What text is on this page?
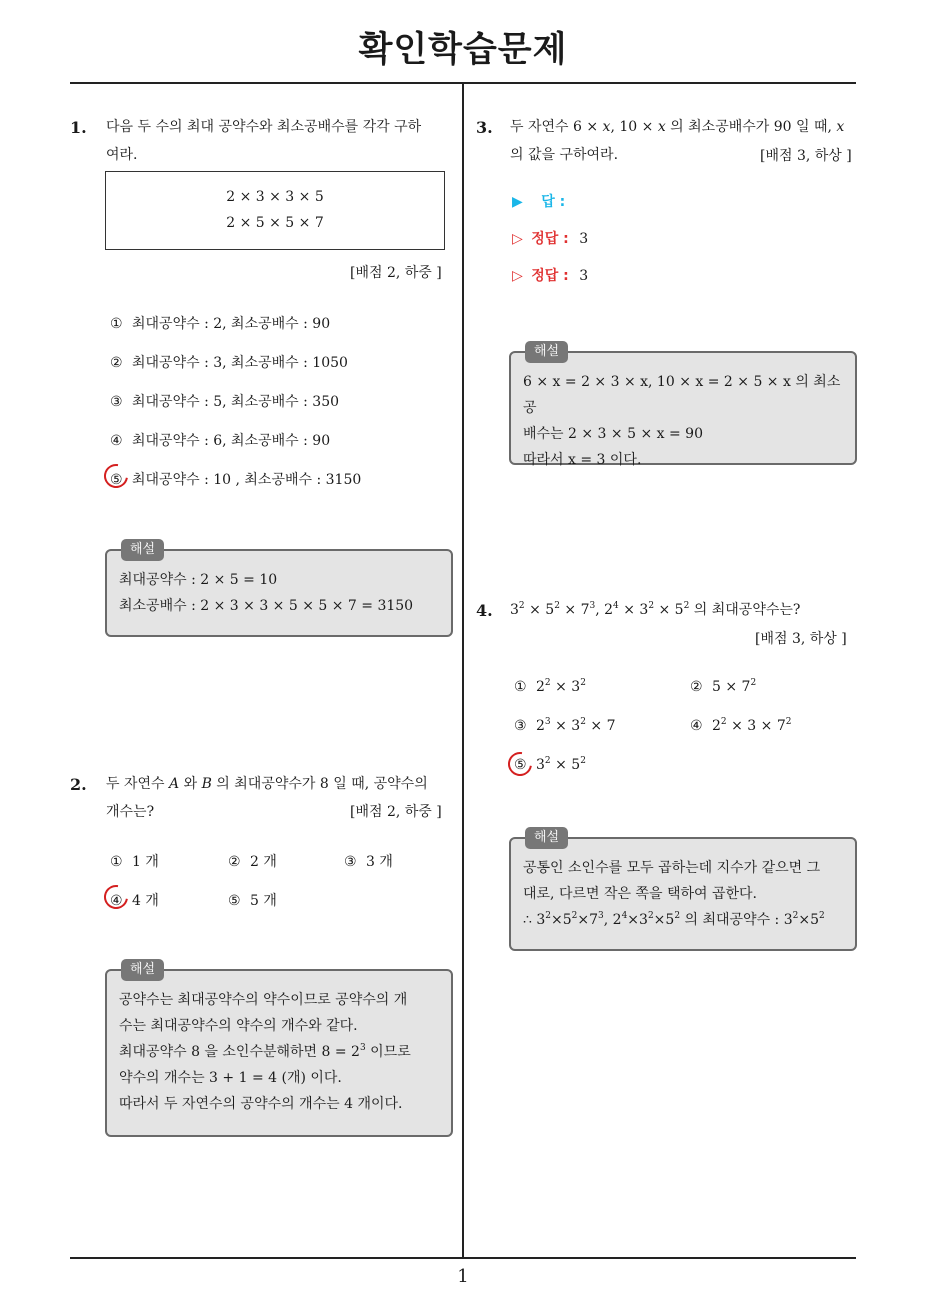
확인학습문제
1
1. 다음 두 수의 최대 공약수와 최소공배수를 각각 구하
여라.
2 × 3 × 3 × 5
2 × 5 × 5 × 7
[배점 2, 하중 ]
① 최대공약수 : 2, 최소공배수 : 90
② 최대공약수 : 3, 최소공배수 : 1050
③ 최대공약수 : 5, 최소공배수 : 350
④ 최대공약수 : 6, 최소공배수 : 90
⑤ 최대공약수 : 10 , 최소공배수 : 3150
해설
최대공약수 : 2 × 5 = 10
최소공배수 : 2 × 3 × 3 × 5 × 5 × 7 = 3150
2. 두 자연수 A 와 B 의 최대공약수가 8 일 때, 공약수의
개수는?	[배점 2, 하중 ]
① 1 개	② 2 개	③ 3 개
④ 4 개	⑤ 5 개
해설
공약수는 최대공약수의 약수이므로 공약수의 개
수는 최대공약수의 약수의 개수와 같다.
최대공약수 8 을 소인수분해하면 $8 = 2^3$ 이므로
약수의 개수는 3 + 1 = 4 (개) 이다.
따라서 두 자연수의 공약수의 개수는 4 개이다.
3. 두 자연수 6 × x, 10 × x 의 최소공배수가 90 일 때, x
의 값을 구하여라.	[배점 3, 하상 ]
▶ 답 :
▷ 정답 : 3
▷ 정답 : 3
해설
6 × x = 2 × 3 × x, 10 × x = 2 × 5 × x 의 최소공
배수는 2 × 3 × 5 × x = 90
따라서 x = 3 이다.
4. $3^2 \times 5^2 \times 7^3$, $2^4 \times 3^2 \times 5^2$ 의 최대공약수는?
[배점 3, 하상 ]
① $2^2 \times 3^2$	② $5 \times 7^2$
③ $2^3 \times 3^2 \times 7$	④ $2^2 \times 3 \times 7^2$
⑤ $3^2 \times 5^2$
해설
공통인 소인수를 모두 곱하는데 지수가 같으면 그
대로, 다르면 작은 쪽을 택하여 곱한다.
∴ $3^2\times 5^2\times 7^3$, $2^4\times 3^2\times 5^2$ 의 최대공약수 : $3^2\times 5^2$
